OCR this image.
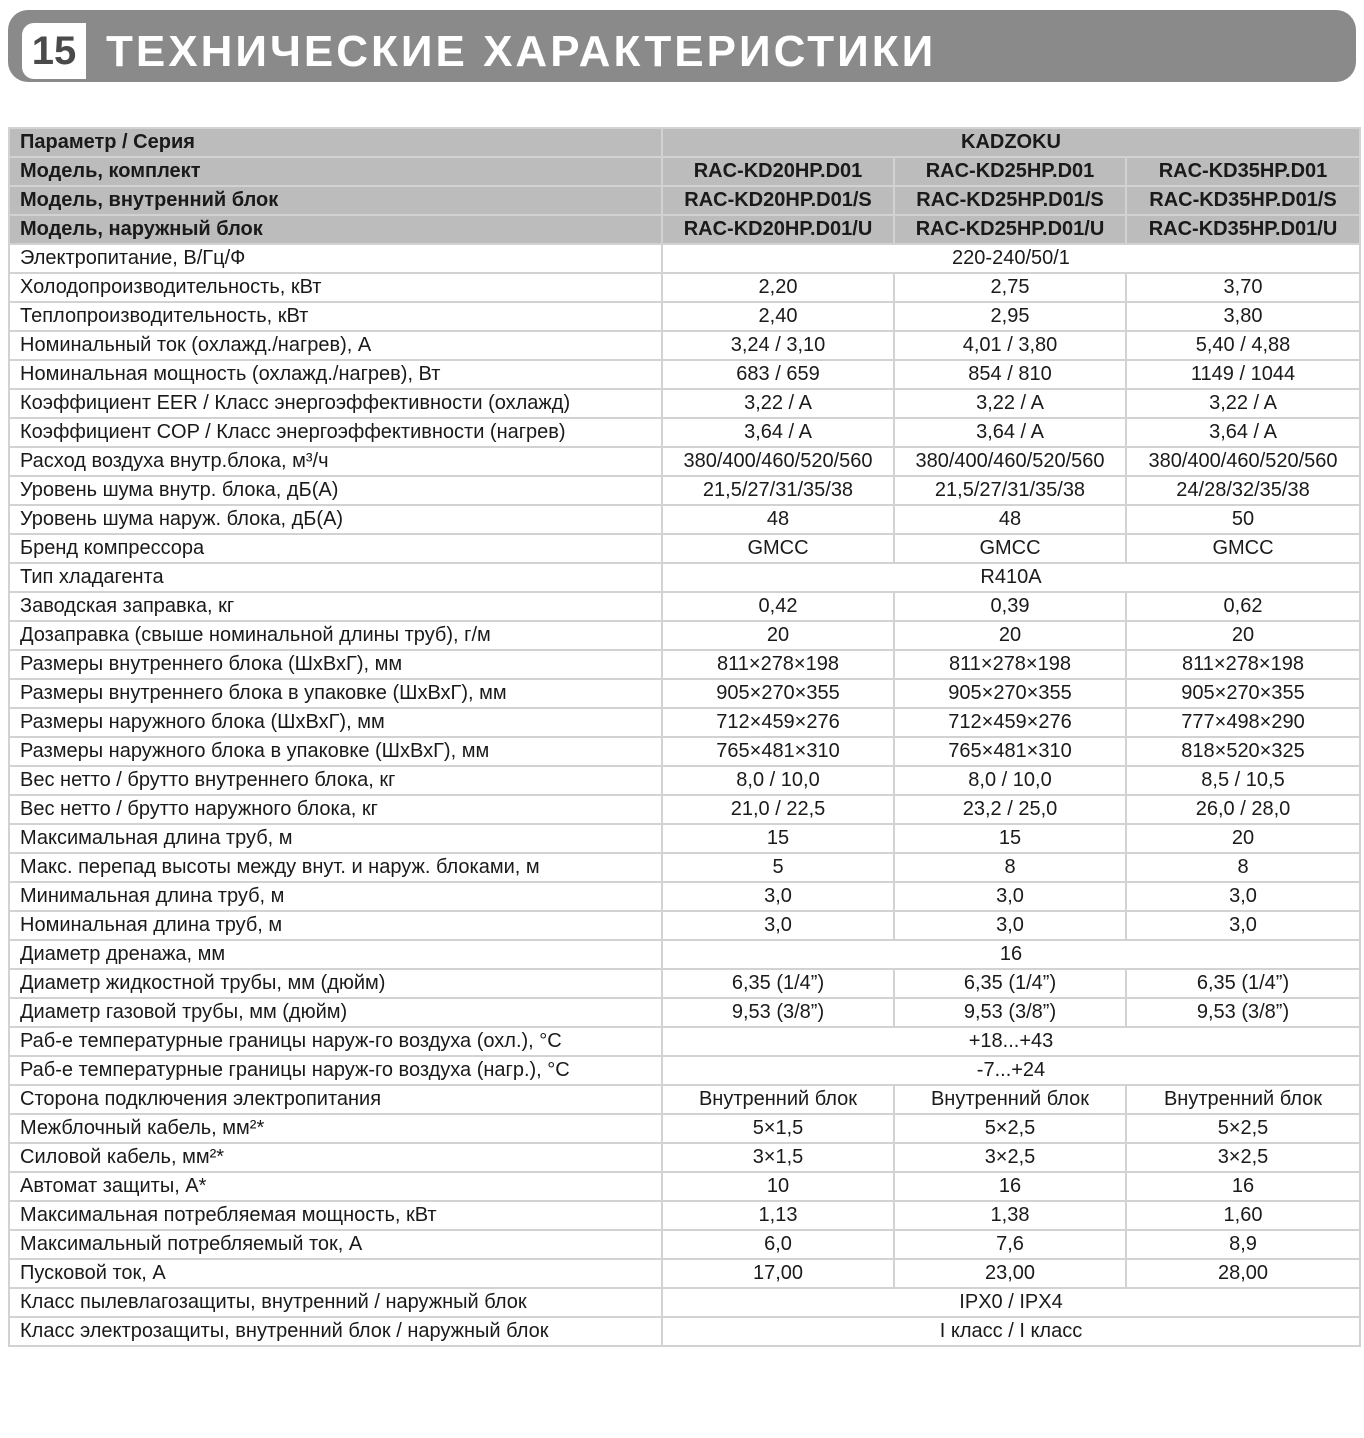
15 ТЕХНИЧЕСКИЕ ХАРАКТЕРИСТИКИ
Параметр / Серия	KADZOKU		
Модель, комплект	RAC-KD20HP.D01	RAC-KD25HP.D01	RAC-KD35HP.D01
Модель, внутренний блок	RAC-KD20HP.D01/S	RAC-KD25HP.D01/S	RAC-KD35HP.D01/S
Модель, наружный блок	RAC-KD20HP.D01/U	RAC-KD25HP.D01/U	RAC-KD35HP.D01/U
Электропитание, В/Гц/Ф	220-240/50/1		
Холодопроизводительность, кВт	2,20	2,75	3,70
Теплопроизводительность, кВт	2,40	2,95	3,80
Номинальный ток (охлажд./нагрев), А	3,24 / 3,10	4,01 / 3,80	5,40 / 4,88
Номинальная мощность (охлажд./нагрев), Вт	683 / 659	854 / 810	1149 / 1044
Коэффициент EER / Класс энергоэффективности (охлажд)	3,22 / A	3,22 / A	3,22 / A
Коэффициент COP / Класс энергоэффективности (нагрев)	3,64 / A	3,64 / A	3,64 / A
Расход воздуха внутр.блока, м³/ч	380/400/460/520/560	380/400/460/520/560	380/400/460/520/560
Уровень шума внутр. блока, дБ(А)	21,5/27/31/35/38	21,5/27/31/35/38	24/28/32/35/38
Уровень шума наруж. блока, дБ(А)	48	48	50
Бренд компрессора	GMCC	GMCC	GMCC
Тип хладагента	R410A		
Заводская заправка, кг	0,42	0,39	0,62
Дозаправка (свыше номинальной длины труб), г/м	20	20	20
Размеры внутреннего блока (ШхВхГ), мм	811×278×198	811×278×198	811×278×198
Размеры внутреннего блока в упаковке (ШхВхГ), мм	905×270×355	905×270×355	905×270×355
Размеры наружного блока (ШхВхГ), мм	712×459×276	712×459×276	777×498×290
Размеры наружного блока в упаковке (ШхВхГ), мм	765×481×310	765×481×310	818×520×325
Вес нетто / брутто внутреннего блока, кг	8,0 / 10,0	8,0 / 10,0	8,5 / 10,5
Вес нетто / брутто наружного блока, кг	21,0 / 22,5	23,2 / 25,0	26,0 / 28,0
Максимальная длина труб, м	15	15	20
Макс. перепад высоты между внут. и наруж. блоками, м	5	8	8
Минимальная длина труб, м	3,0	3,0	3,0
Номинальная длина труб, м	3,0	3,0	3,0
Диаметр дренажа, мм	16		
Диаметр жидкостной трубы, мм (дюйм)	6,35 (1/4”)	6,35 (1/4”)	6,35 (1/4”)
Диаметр газовой трубы, мм (дюйм)	9,53 (3/8”)	9,53 (3/8”)	9,53 (3/8”)
Раб-е температурные границы наруж-го воздуха (охл.), °С	+18...+43		
Раб-е температурные границы наруж-го воздуха (нагр.), °С	-7...+24		
Сторона подключения электропитания	Внутренний блок	Внутренний блок	Внутренний блок
Межблочный кабель, мм²*	5×1,5	5×2,5	5×2,5
Силовой кабель, мм²*	3×1,5	3×2,5	3×2,5
Автомат защиты, А*	10	16	16
Максимальная потребляемая мощность, кВт	1,13	1,38	1,60
Максимальный потребляемый ток, А	6,0	7,6	8,9
Пусковой ток, А	17,00	23,00	28,00
Класс пылевлагозащиты, внутренний / наружный блок	IPX0 / IPX4		
Класс электрозащиты, внутренний блок / наружный блок	I класс / I класс		
